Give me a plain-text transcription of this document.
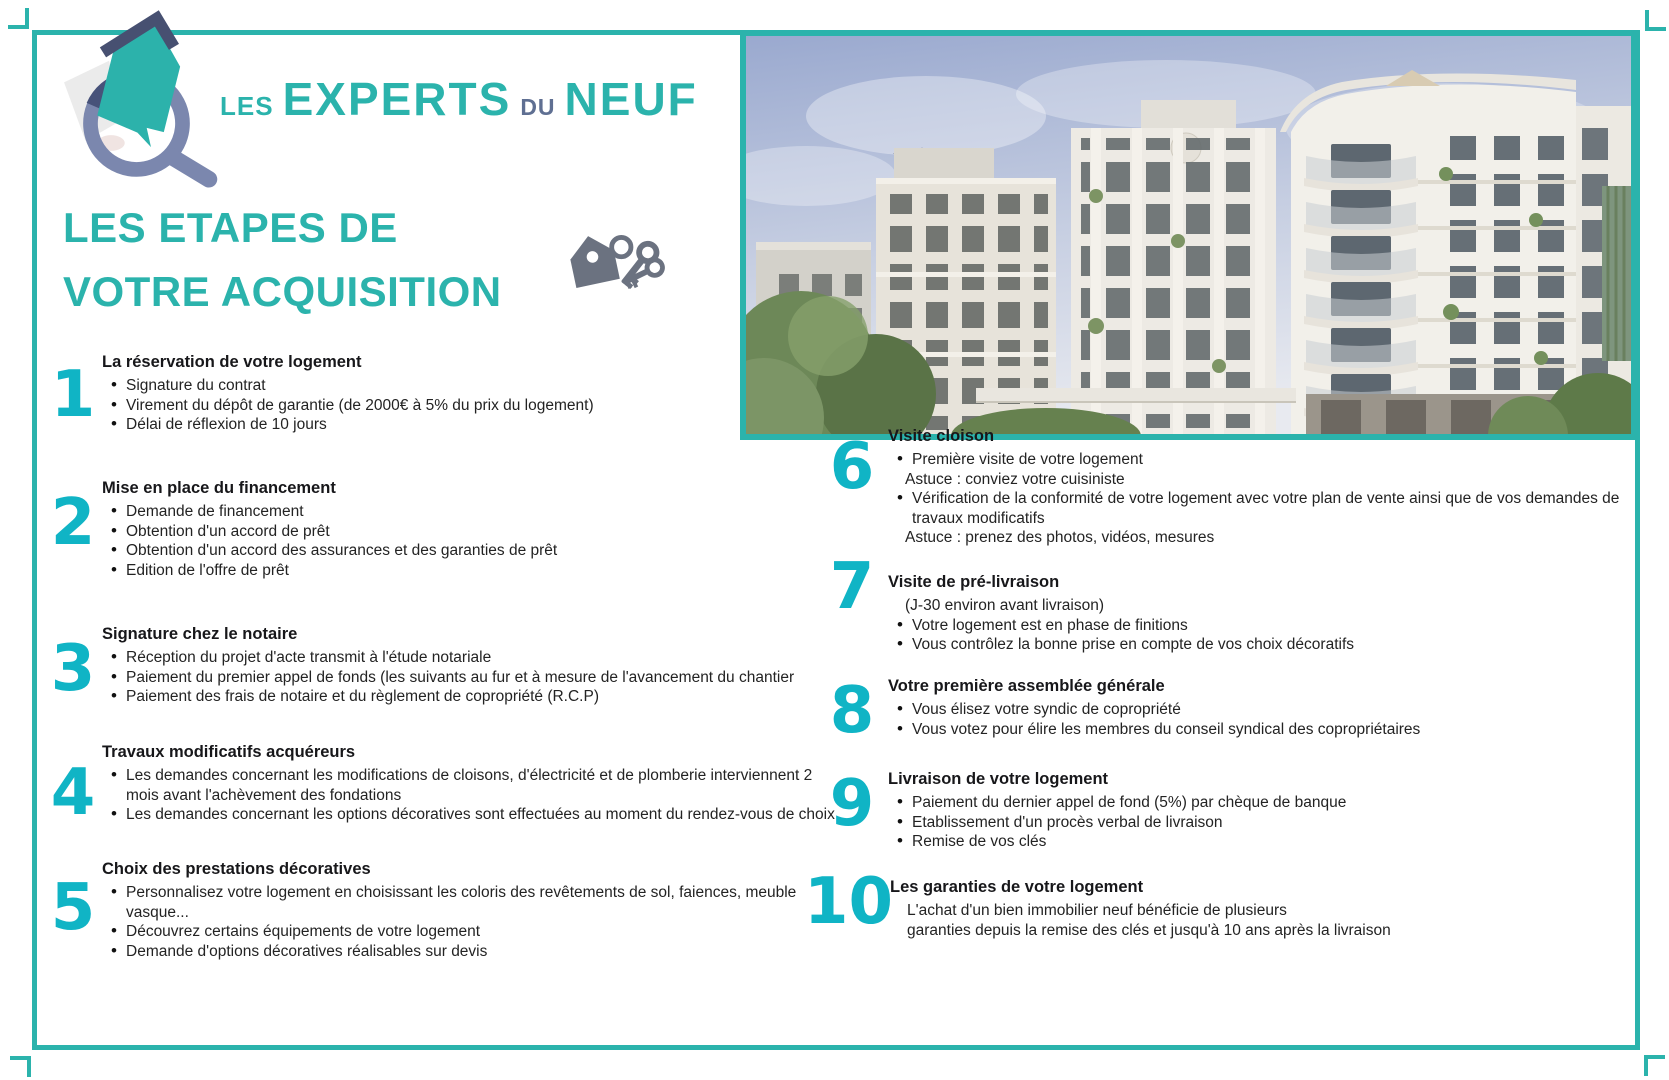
LES EXPERTS DU NEUF
LES ETAPES DE
VOTRE ACQUISITION
1 La réservation de votre logement
• Signature du contrat
• Virement du dépôt de garantie (de 2000€ à 5% du prix du logement)
• Délai de réflexion de 10 jours
2 Mise en place du financement
• Demande de financement
• Obtention d'un accord de prêt
• Obtention d'un accord des assurances et des garanties de prêt
• Edition de l'offre de prêt
3 Signature chez le notaire
• Réception du projet d'acte transmit à l'étude notariale
• Paiement du premier appel de fonds (les suivants au fur et à mesure de l'avancement du chantier
• Paiement des frais de notaire et du règlement de copropriété (R.C.P)
4
Travaux modificatifs acquéreurs
• Les demandes concernant les modifications de cloisons, d'électricité et de plomberie interviennent 2 mois avant l'achèvement des fondations
• Les demandes concernant les options décoratives sont effectuées au moment du rendez-vous de choix
5
Choix des prestations décoratives
• Personnalisez votre logement en choisissant les coloris des revêtements de sol, faiences, meuble vasque...
• Découvrez certains équipements de votre logement
• Demande d'options décoratives réalisables sur devis
6 Visite cloison
• Première visite de votre logement
Astuce : conviez votre cuisiniste
• Vérification de la conformité de votre logement avec votre plan de vente ainsi que de vos demandes de travaux modificatifs
Astuce : prenez des photos, vidéos, mesures
7 Visite de pré-livraison
(J-30 environ avant livraison)
• Votre logement est en phase de finitions
• Vous contrôlez la bonne prise en compte de vos choix décoratifs
8 Votre première assemblée générale
• Vous élisez votre syndic de copropriété
• Vous votez pour élire les membres du conseil syndical des copropriétaires
9 Livraison de votre logement
• Paiement du dernier appel de fond (5%) par chèque de banque
• Etablissement d'un procès verbal de livraison
• Remise de vos clés
10
Les garanties de votre logement
L'achat d'un bien immobilier neuf bénéficie de plusieurs
garanties depuis la remise des clés et jusqu'à 10 ans après la livraison
